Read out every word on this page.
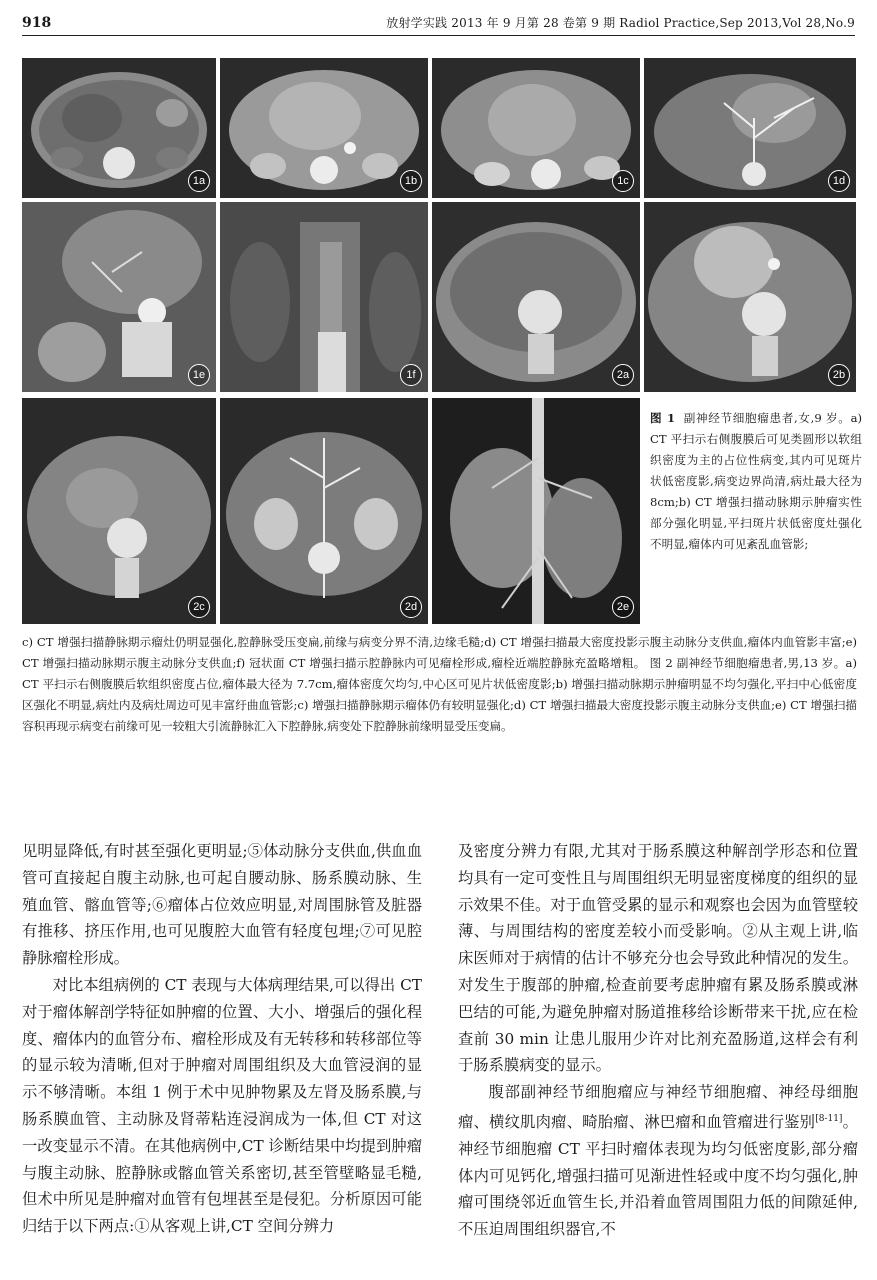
918	放射学实践 2013 年 9 月第 28 卷第 9 期 Radiol Practice,Sep 2013,Vol 28,No.9
1a	1b	1c	1d
1e	1f	2a	2b
2c	2d	2e
图 1 副神经节细胞瘤患者,女,9 岁。a) CT 平扫示右侧腹膜后可见类圆形以软组织密度为主的占位性病变,其内可见斑片状低密度影,病变边界尚清,病灶最大径为 8cm;b) CT 增强扫描动脉期示肿瘤实性部分强化明显,平扫斑片状低密度灶强化不明显,瘤体内可见紊乱血管影;
c) CT 增强扫描静脉期示瘤灶仍明显强化,腔静脉受压变扁,前缘与病变分界不清,边缘毛糙;d) CT 增强扫描最大密度投影示腹主动脉分支供血,瘤体内血管影丰富;e) CT 增强扫描动脉期示腹主动脉分支供血;f) 冠状面 CT 增强扫描示腔静脉内可见瘤栓形成,瘤栓近端腔静脉充盈略增粗。 图 2 副神经节细胞瘤患者,男,13 岁。a) CT 平扫示右侧腹膜后软组织密度占位,瘤体最大径为 7.7cm,瘤体密度欠均匀,中心区可见片状低密度影;b) 增强扫描动脉期示肿瘤明显不均匀强化,平扫中心低密度区强化不明显,病灶内及病灶周边可见丰富纡曲血管影;c) 增强扫描静脉期示瘤体仍有较明显强化;d) CT 增强扫描最大密度投影示腹主动脉分支供血;e) CT 增强扫描容积再现示病变右前缘可见一较粗大引流静脉汇入下腔静脉,病变处下腔静脉前缘明显受压变扁。

见明显降低,有时甚至强化更明显;⑤体动脉分支供血,供血血管可直接起自腹主动脉,也可起自腰动脉、肠系膜动脉、生殖血管、髂血管等;⑥瘤体占位效应明显,对周围脉管及脏器有推移、挤压作用,也可见腹腔大血管有轻度包埋;⑦可见腔静脉瘤栓形成。

对比本组病例的 CT 表现与大体病理结果,可以得出 CT 对于瘤体解剖学特征如肿瘤的位置、大小、增强后的强化程度、瘤体内的血管分布、瘤栓形成及有无转移和转移部位等的显示较为清晰,但对于肿瘤对周围组织及大血管浸润的显示不够清晰。本组 1 例于术中见肿物累及左肾及肠系膜,与肠系膜血管、主动脉及肾蒂粘连浸润成为一体,但 CT 对这一改变显示不清。在其他病例中,CT 诊断结果中均提到肿瘤与腹主动脉、腔静脉或髂血管关系密切,甚至管壁略显毛糙,但术中所见是肿瘤对血管有包埋甚至是侵犯。分析原因可能归结于以下两点:①从客观上讲,CT 空间分辨力

及密度分辨力有限,尤其对于肠系膜这种解剖学形态和位置均具有一定可变性且与周围组织无明显密度梯度的组织的显示效果不佳。对于血管受累的显示和观察也会因为血管壁较薄、与周围结构的密度差较小而受影响。②从主观上讲,临床医师对于病情的估计不够充分也会导致此种情况的发生。对发生于腹部的肿瘤,检查前要考虑肿瘤有累及肠系膜或淋巴结的可能,为避免肿瘤对肠道推移给诊断带来干扰,应在检查前 30 min 让患儿服用少许对比剂充盈肠道,这样会有利于肠系膜病变的显示。

腹部副神经节细胞瘤应与神经节细胞瘤、神经母细胞瘤、横纹肌肉瘤、畸胎瘤、淋巴瘤和血管瘤进行鉴别[8-11]。神经节细胞瘤 CT 平扫时瘤体表现为均匀低密度影,部分瘤体内可见钙化,增强扫描可见渐进性轻或中度不均匀强化,肿瘤可围绕邻近血管生长,并沿着血管周围阻力低的间隙延伸,不压迫周围组织器官,不
